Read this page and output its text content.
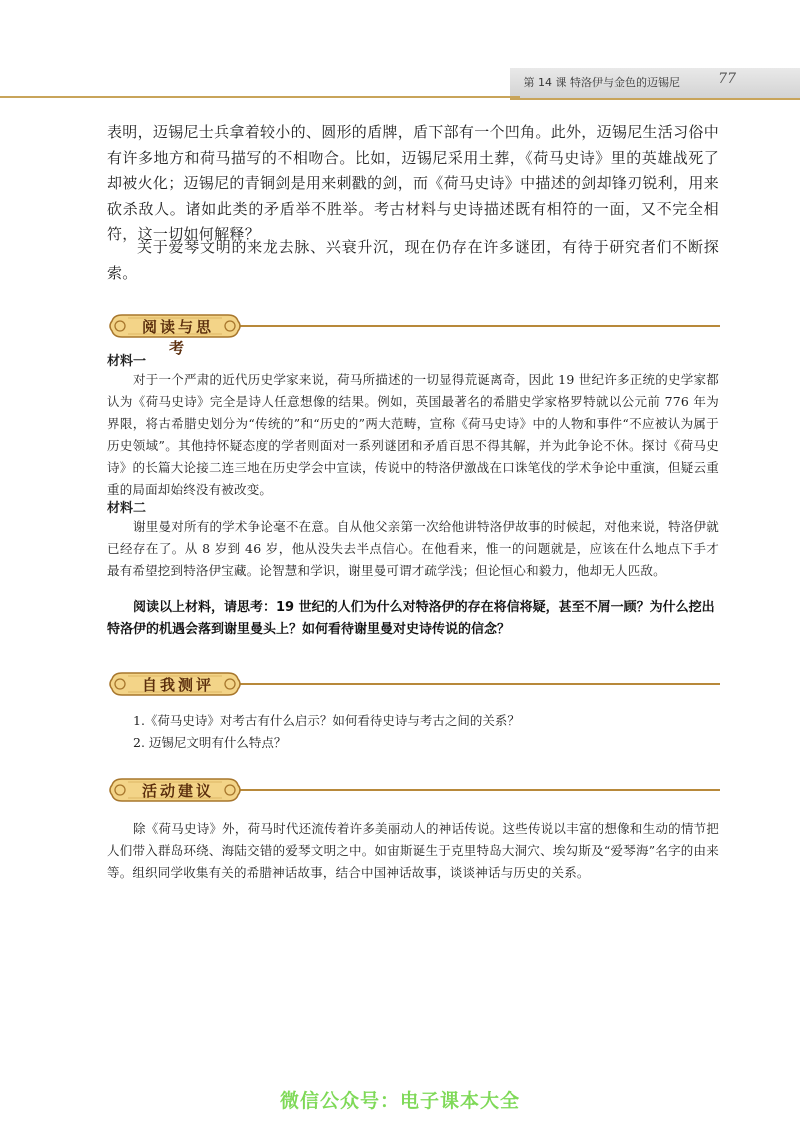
第 14 课 特洛伊与金色的迈锡尼	77

表明，迈锡尼士兵拿着较小的、圆形的盾牌，盾下部有一个凹角。此外，迈锡尼生活习俗中有许多地方和荷马描写的不相吻合。比如，迈锡尼采用土葬，《荷马史诗》里的英雄战死了却被火化；迈锡尼的青铜剑是用来刺戳的剑，而《荷马史诗》中描述的剑却锋刃锐利，用来砍杀敌人。诸如此类的矛盾举不胜举。考古材料与史诗描述既有相符的一面，又不完全相符，这一切如何解释？

关于爱琴文明的来龙去脉、兴衰升沉，现在仍存在许多谜团，有待于研究者们不断探索。

阅读与思考
材料一

对于一个严肃的近代历史学家来说，荷马所描述的一切显得荒诞离奇，因此 19 世纪许多正统的史学家都认为《荷马史诗》完全是诗人任意想像的结果。例如，英国最著名的希腊史学家格罗特就以公元前 776 年为界限，将古希腊史划分为“传统的”和“历史的”两大范畴，宣称《荷马史诗》中的人物和事件“不应被认为属于历史领域”。其他持怀疑态度的学者则面对一系列谜团和矛盾百思不得其解，并为此争论不休。探讨《荷马史诗》的长篇大论接二连三地在历史学会中宣读，传说中的特洛伊激战在口诛笔伐的学术争论中重演，但疑云重重的局面却始终没有被改变。

材料二

谢里曼对所有的学术争论毫不在意。自从他父亲第一次给他讲特洛伊故事的时候起，对他来说，特洛伊就已经存在了。从 8 岁到 46 岁，他从没失去半点信心。在他看来，惟一的问题就是，应该在什么地点下手才最有希望挖到特洛伊宝藏。论智慧和学识，谢里曼可谓才疏学浅；但论恒心和毅力，他却无人匹敌。

阅读以上材料，请思考：19 世纪的人们为什么对特洛伊的存在将信将疑，甚至不屑一顾？为什么挖出特洛伊的机遇会落到谢里曼头上？如何看待谢里曼对史诗传说的信念？

自我测评
1.《荷马史诗》对考古有什么启示？如何看待史诗与考古之间的关系？
2. 迈锡尼文明有什么特点？
活动建议

除《荷马史诗》外，荷马时代还流传着许多美丽动人的神话传说。这些传说以丰富的想像和生动的情节把人们带入群岛环绕、海陆交错的爱琴文明之中。如宙斯诞生于克里特岛大洞穴、埃勾斯及“爱琴海”名字的由来等。组织同学收集有关的希腊神话故事，结合中国神话故事，谈谈神话与历史的关系。

微信公众号：电子课本大全
